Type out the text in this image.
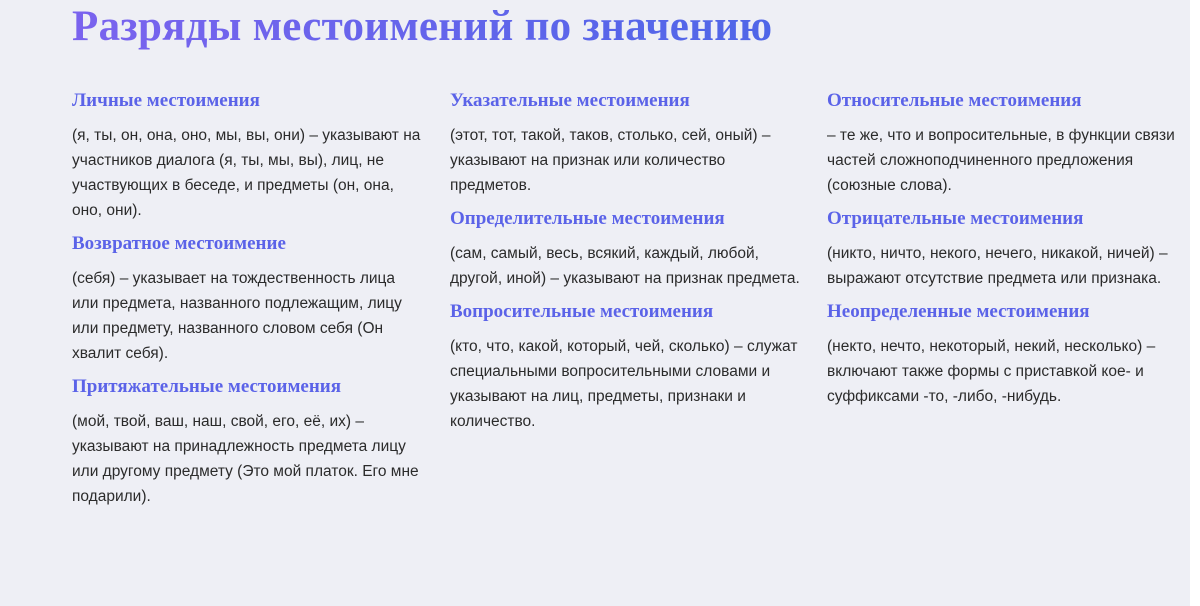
Разряды местоимений по значению
Личные местоимения

(я, ты, он, она, оно, мы, вы, они) – указывают на участников диалога (я, ты, мы, вы), лиц, не участвующих в беседе, и предметы (он, она, оно, они).

Возвратное местоимение

(себя) – указывает на тождественность лица или предмета, названного подлежащим, лицу или предмету, названного словом себя (Он хвалит себя).

Притяжательные местоимения

(мой, твой, ваш, наш, свой, его, её, их) – указывают на принадлежность предмета лицу или другому предмету (Это мой платок. Его мне подарили).

Указательные местоимения

(этот, тот, такой, таков, столько, сей, оный) – указывают на признак или количество предметов.

Определительные местоимения

(сам, самый, весь, всякий, каждый, любой, другой, иной) – указывают на признак предмета.

Вопросительные местоимения

(кто, что, какой, который, чей, сколько) – служат специальными вопросительными словами и указывают на лиц, предметы, признаки и количество.

Относительные местоимения

– те же, что и вопросительные, в функции связи частей сложноподчиненного предложения (союзные слова).

Отрицательные местоимения

(никто, ничто, некого, нечего, никакой, ничей) – выражают отсутствие предмета или признака.

Неопределенные местоимения

(некто, нечто, некоторый, некий, несколько) – включают также формы с приставкой кое- и суффиксами -то, -либо, -нибудь.
